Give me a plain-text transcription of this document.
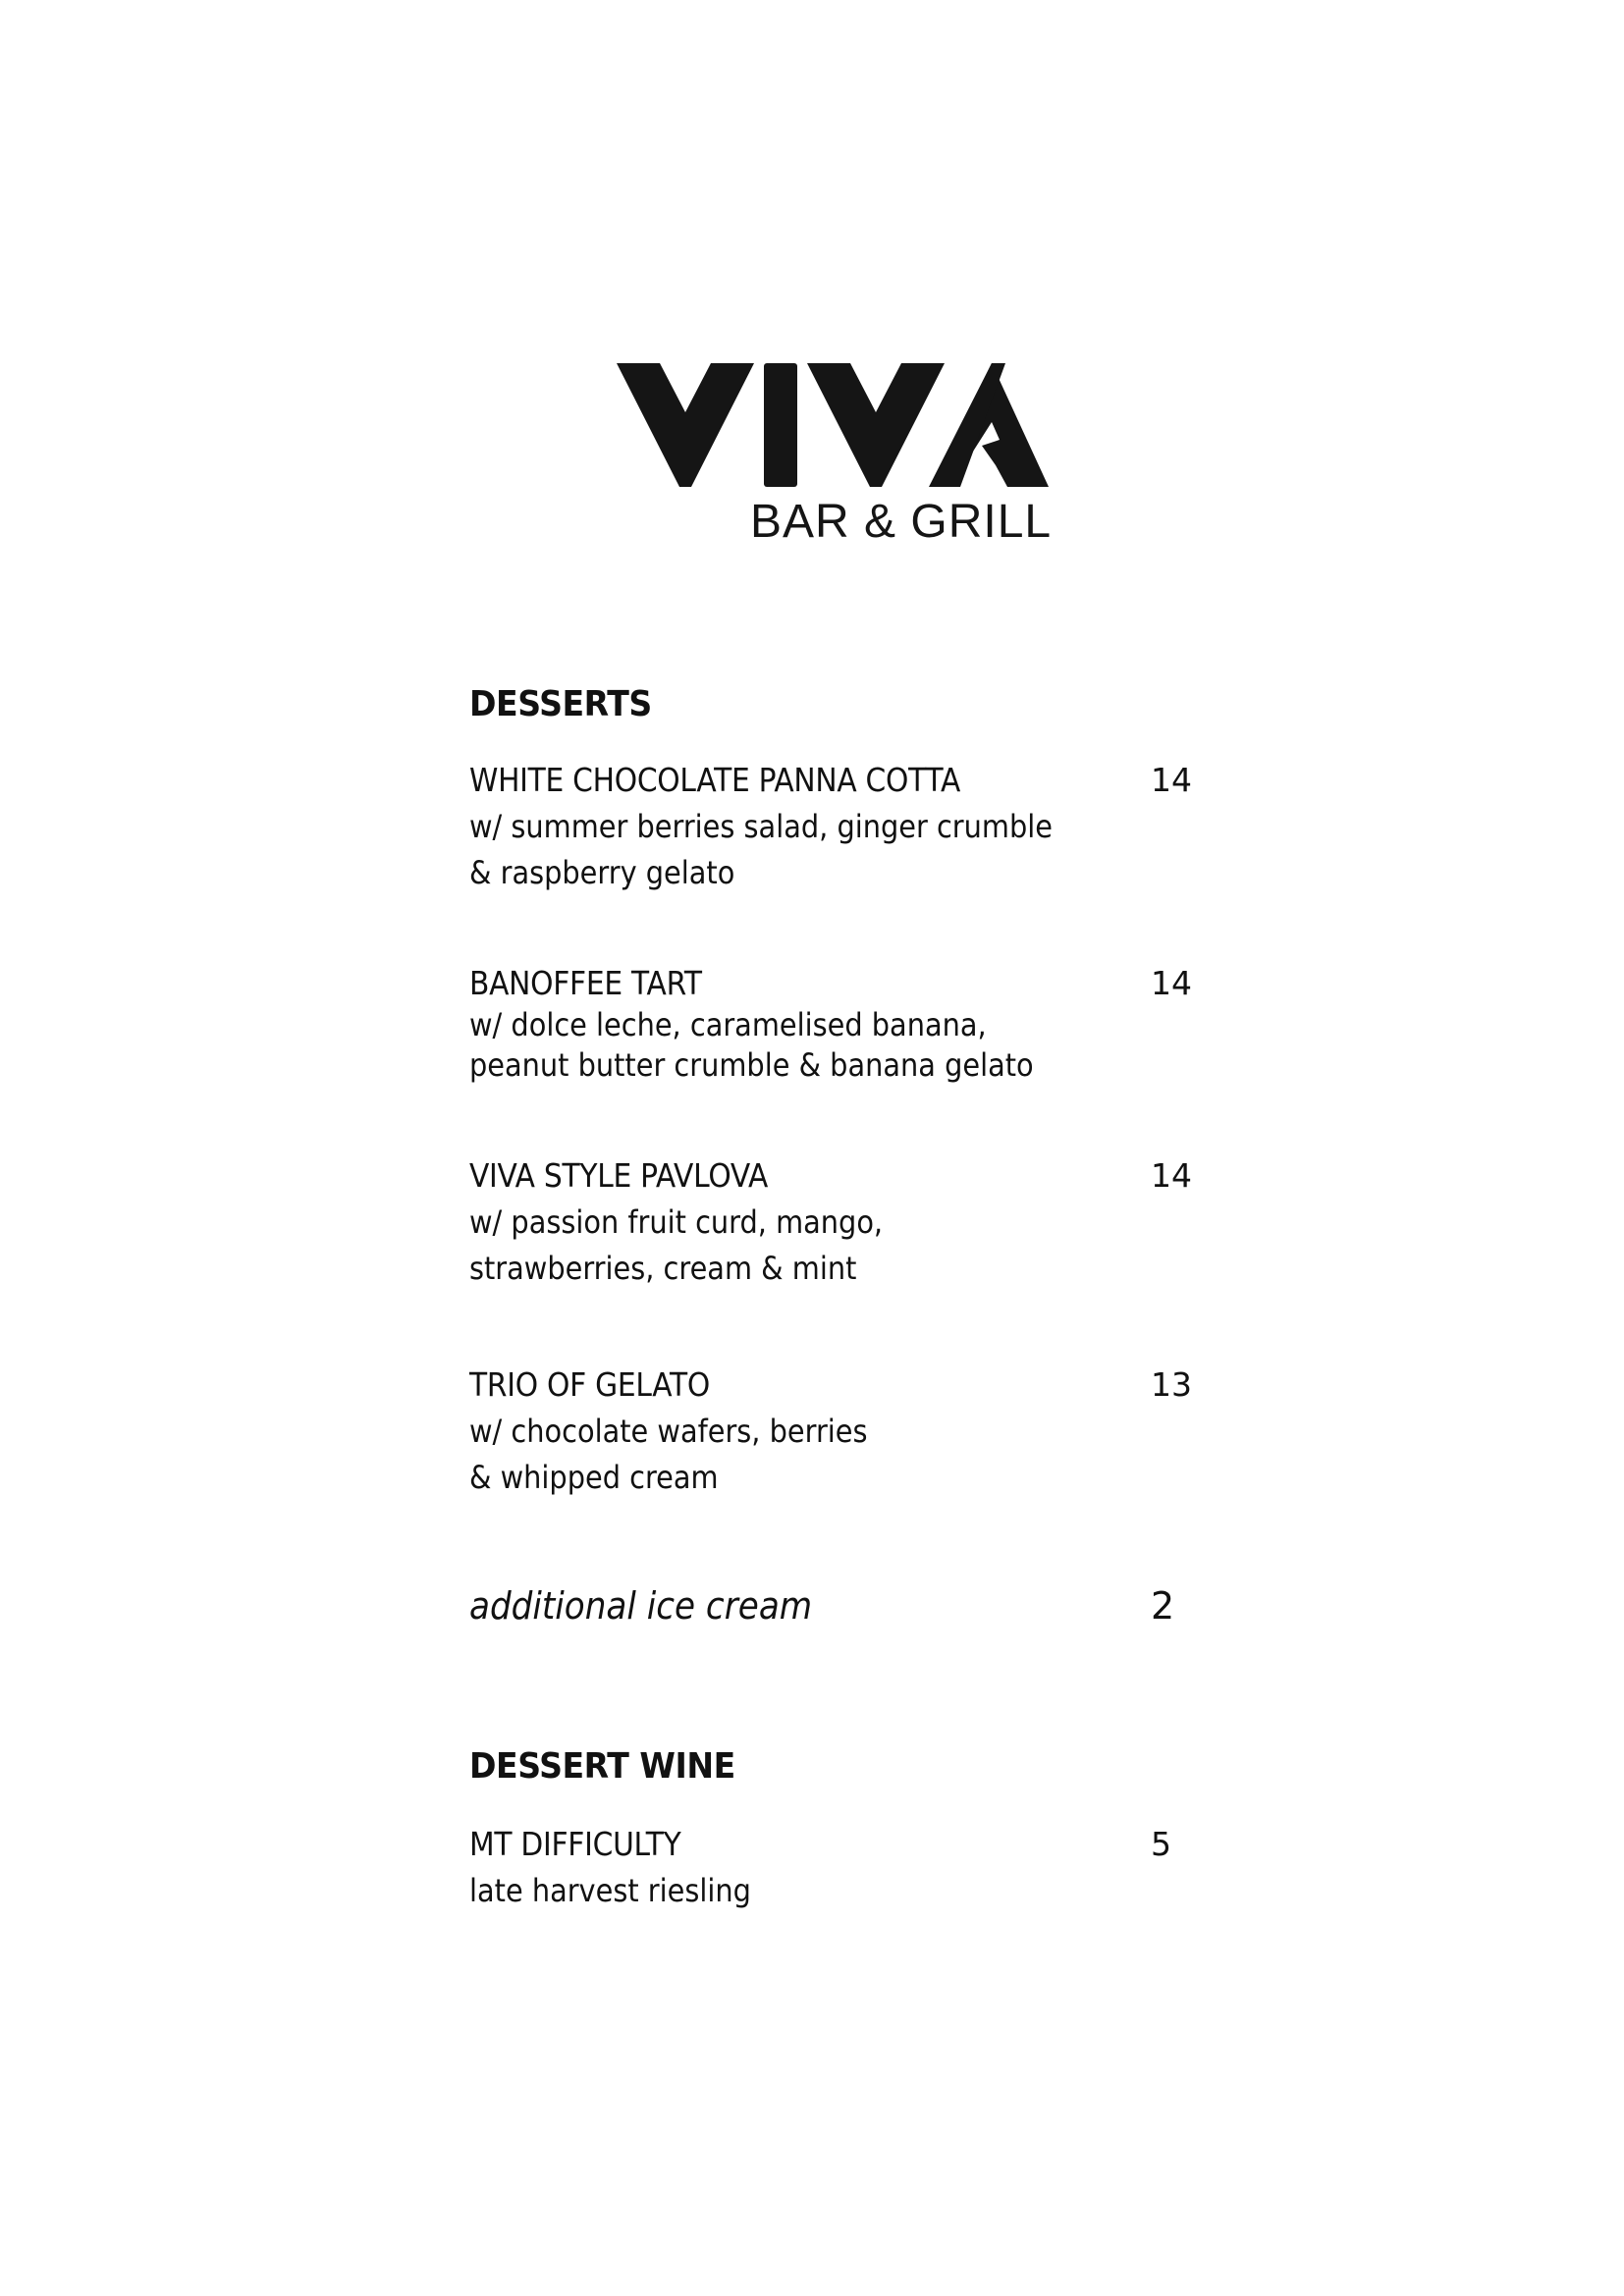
BAR & GRILL
DESSERTS
WHITE CHOCOLATE PANNA COTTA	14
w/ summer berries salad, ginger crumble
& raspberry gelato
BANOFFEE TART	14
w/ dolce leche, caramelised banana,
peanut butter crumble & banana gelato
VIVA STYLE PAVLOVA	14
w/ passion fruit curd, mango,
strawberries, cream & mint
TRIO OF GELATO	13
w/ chocolate wafers, berries
& whipped cream
additional ice cream	2
DESSERT WINE
MT DIFFICULTY	5
late harvest riesling
